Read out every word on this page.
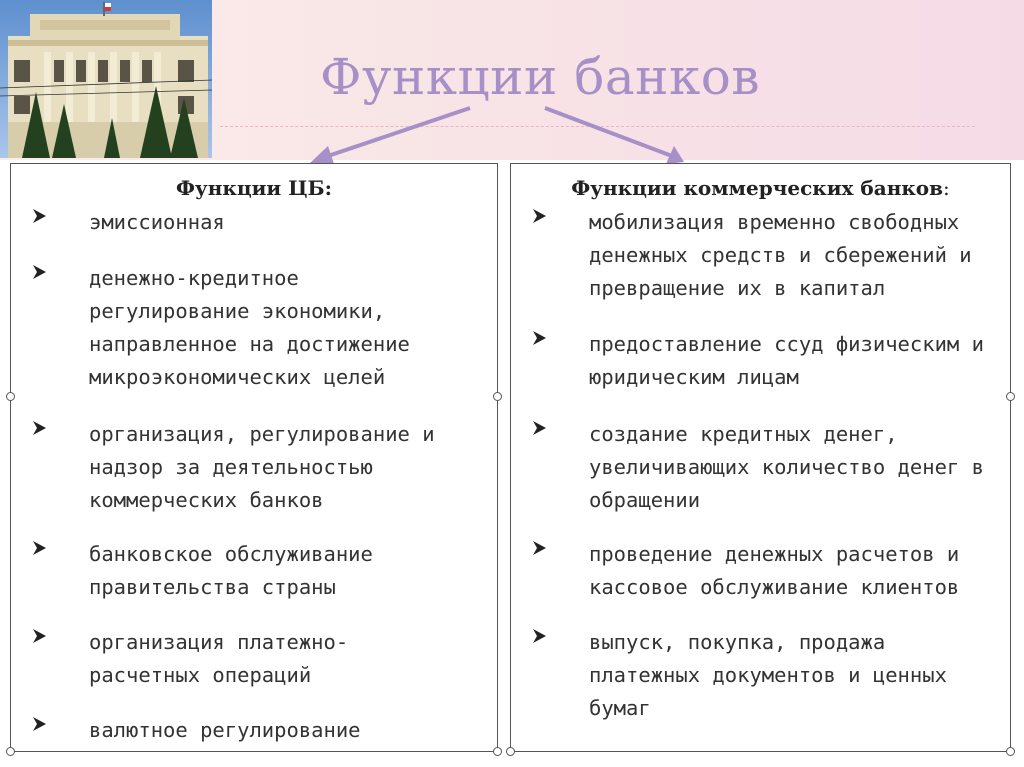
Функции банков
Функции ЦБ:
эмиссионная
денежно-кредитное
регулирование экономики,
направленное на достижение
микроэкономических целей
организация, регулирование и
надзор за деятельностью
коммерческих банков
банковское обслуживание
правительства страны
организация платежно-
расчетных операций
валютное регулирование
Функции коммерческих банков:
мобилизация временно свободных
денежных средств и сбережений и
превращение их в капитал
предоставление ссуд физическим и
юридическим лицам
создание кредитных денег,
увеличивающих количество денег в
обращении
проведение денежных расчетов и
кассовое обслуживание клиентов
выпуск, покупка, продажа
платежных документов и ценных
бумаг
